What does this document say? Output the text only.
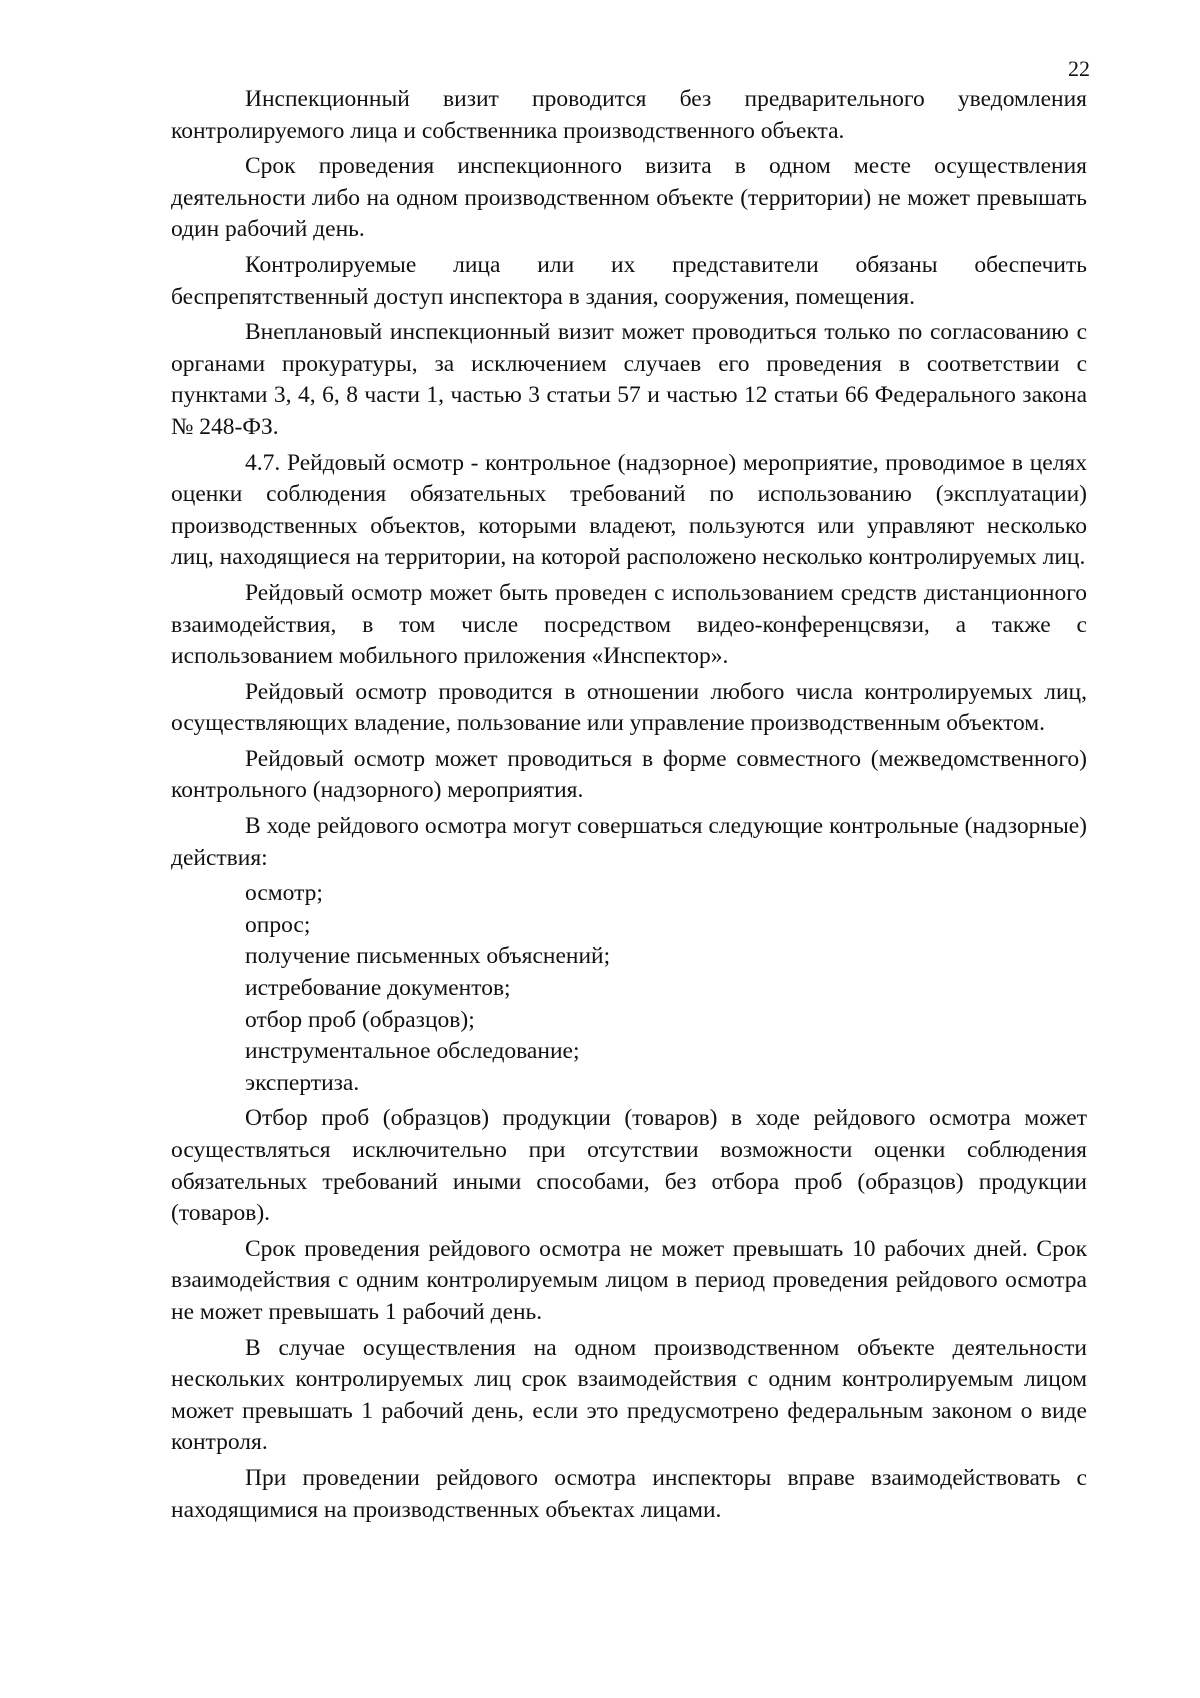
22

Инспекционный визит проводится без предварительного уведомления контролируемого лица и собственника производственного объекта.

Срок проведения инспекционного визита в одном месте осуществления деятельности либо на одном производственном объекте (территории) не может превышать один рабочий день.

Контролируемые лица или их представители обязаны обеспечить беспрепятственный доступ инспектора в здания, сооружения, помещения.

Внеплановый инспекционный визит может проводиться только по согласованию с органами прокуратуры, за исключением случаев его проведения в соответствии с пунктами 3, 4, 6, 8 части 1, частью 3 статьи 57 и частью 12 статьи 66 Федерального закона № 248-ФЗ.

4.7. Рейдовый осмотр - контрольное (надзорное) мероприятие, проводимое в целях оценки соблюдения обязательных требований по использованию (эксплуатации) производственных объектов, которыми владеют, пользуются или управляют несколько лиц, находящиеся на территории, на которой расположено несколько контролируемых лиц.

Рейдовый осмотр может быть проведен с использованием средств дистанционного взаимодействия, в том числе посредством видео-конференцсвязи, а также с использованием мобильного приложения «Инспектор».

Рейдовый осмотр проводится в отношении любого числа контролируемых лиц, осуществляющих владение, пользование или управление производственным объектом.

Рейдовый осмотр может проводиться в форме совместного (межведомственного) контрольного (надзорного) мероприятия.

В ходе рейдового осмотра могут совершаться следующие контрольные (надзорные) действия:

осмотр;
опрос;
получение письменных объяснений;
истребование документов;
отбор проб (образцов);
инструментальное обследование;
экспертиза.

Отбор проб (образцов) продукции (товаров) в ходе рейдового осмотра может осуществляться исключительно при отсутствии возможности оценки соблюдения обязательных требований иными способами, без отбора проб (образцов) продукции (товаров).

Срок проведения рейдового осмотра не может превышать 10 рабочих дней. Срок взаимодействия с одним контролируемым лицом в период проведения рейдового осмотра не может превышать 1 рабочий день.

В случае осуществления на одном производственном объекте деятельности нескольких контролируемых лиц срок взаимодействия с одним контролируемым лицом может превышать 1 рабочий день, если это предусмотрено федеральным законом о виде контроля.

При проведении рейдового осмотра инспекторы вправе взаимодействовать с находящимися на производственных объектах лицами.
